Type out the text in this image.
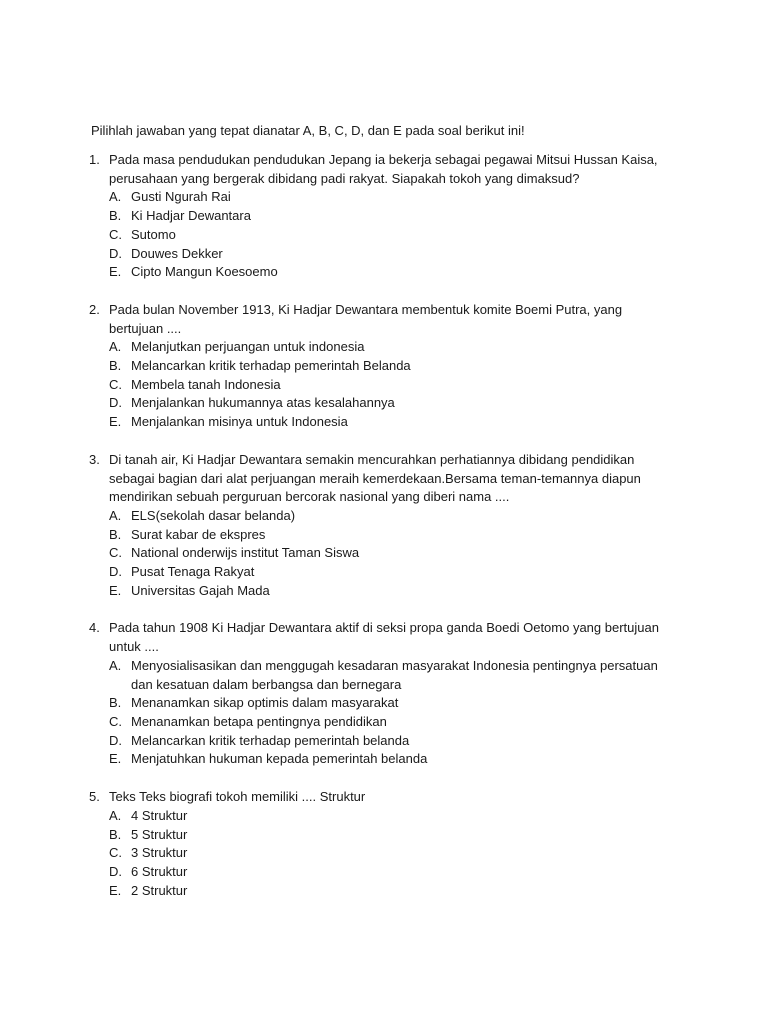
Pilihlah jawaban yang tepat dianatar A, B, C, D, dan E pada soal berikut ini!
1. Pada masa pendudukan pendudukan Jepang ia bekerja sebagai pegawai Mitsui Hussan Kaisa, perusahaan yang bergerak dibidang padi rakyat. Siapakah tokoh yang dimaksud?
A. Gusti Ngurah Rai
B. Ki Hadjar Dewantara
C. Sutomo
D. Douwes Dekker
E. Cipto Mangun Koesoemo
2. Pada bulan November 1913, Ki Hadjar Dewantara membentuk komite Boemi Putra, yang bertujuan ....
A. Melanjutkan perjuangan untuk indonesia
B. Melancarkan kritik terhadap pemerintah Belanda
C. Membela tanah Indonesia
D. Menjalankan hukumannya atas kesalahannya
E. Menjalankan misinya untuk Indonesia
3. Di tanah air, Ki Hadjar Dewantara semakin mencurahkan perhatiannya dibidang pendidikan sebagai bagian dari alat perjuangan meraih kemerdekaan.Bersama teman-temannya diapun mendirikan sebuah perguruan bercorak nasional yang diberi nama ....
A. ELS(sekolah dasar belanda)
B. Surat kabar de ekspres
C. National onderwijs institut Taman Siswa
D. Pusat Tenaga Rakyat
E. Universitas Gajah Mada
4. Pada tahun 1908 Ki Hadjar Dewantara aktif di seksi propa ganda Boedi Oetomo yang bertujuan untuk ....
A. Menyosialisasikan dan menggugah kesadaran masyarakat Indonesia pentingnya persatuan dan kesatuan dalam berbangsa dan bernegara
B. Menanamkan sikap optimis dalam masyarakat
C. Menanamkan betapa pentingnya pendidikan
D. Melancarkan kritik terhadap pemerintah belanda
E. Menjatuhkan hukuman kepada pemerintah belanda
5. Teks Teks biografi tokoh memiliki .... Struktur
A. 4 Struktur
B. 5 Struktur
C. 3 Struktur
D. 6 Struktur
E. 2 Struktur
